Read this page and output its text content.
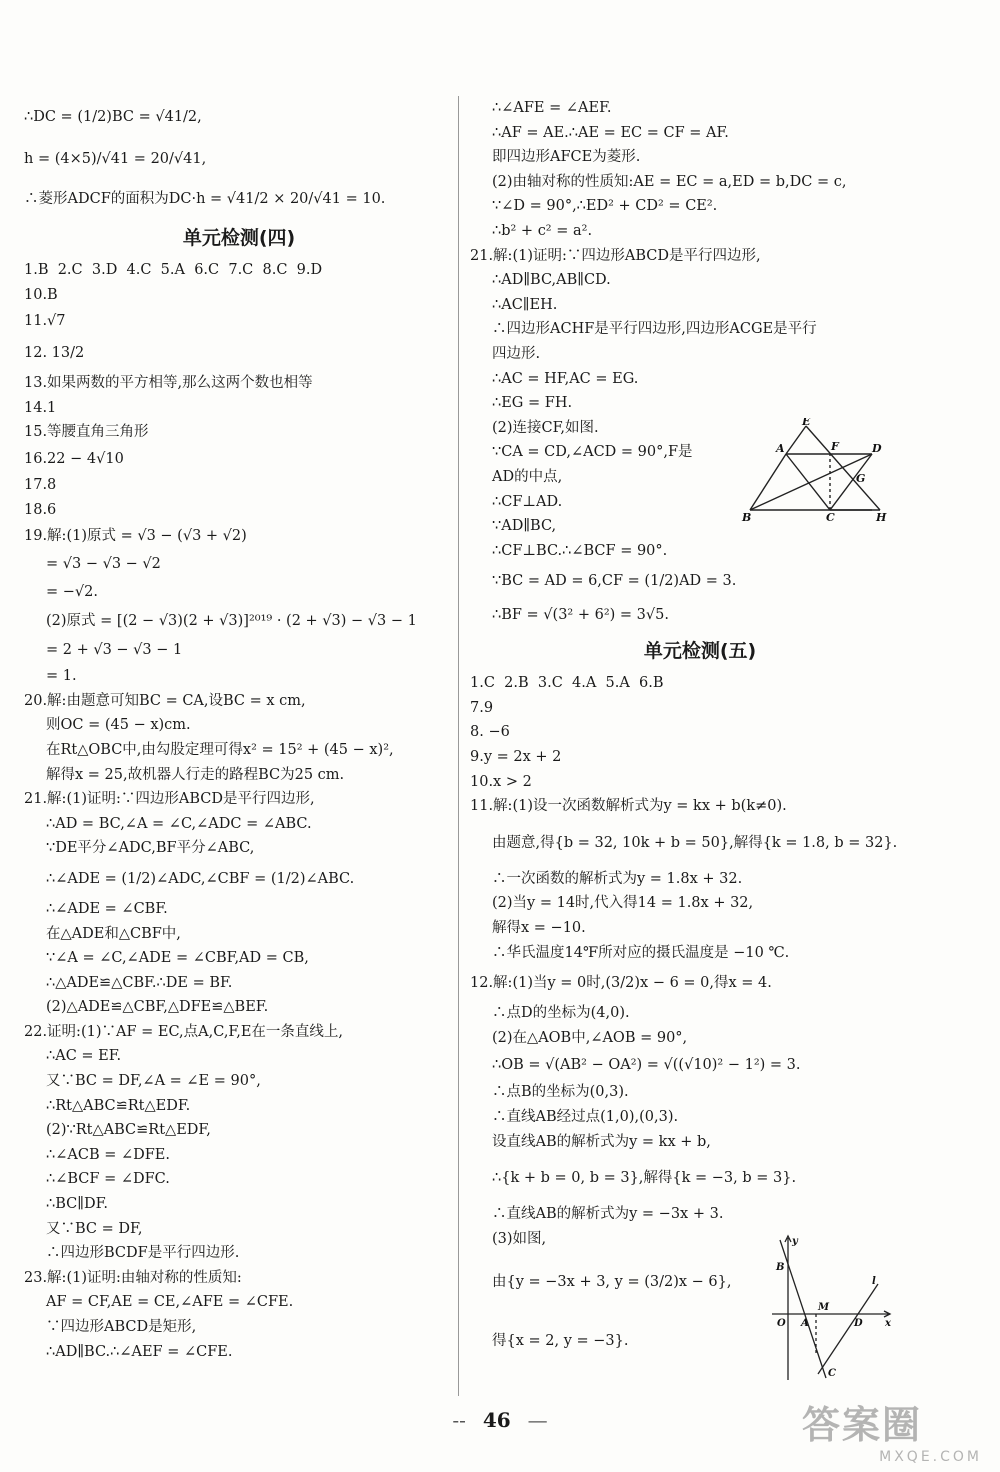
∴DC = (1/2)BC = √41/2,
h = (4×5)/√41 = 20/√41,
∴菱形ADCF的面积为DC·h = √41/2 × 20/√41 = 10.
单元检测(四)
1.B  2.C  3.D  4.C  5.A  6.C  7.C  8.C  9.D
10.B
11.√7
12. 13/2
13.如果两数的平方相等,那么这两个数也相等
14.1
15.等腰直角三角形
16.22 − 4√10
17.8
18.6
19.解:(1)原式 = √3 − (√3 + √2)
= √3 − √3 − √2
= −√2.
(2)原式 = [(2 − √3)(2 + √3)]²⁰¹⁹ · (2 + √3) − √3 − 1
= 2 + √3 − √3 − 1
= 1.
20.解:由题意可知BC = CA,设BC = x cm,
则OC = (45 − x)cm.
在Rt△OBC中,由勾股定理可得x² = 15² + (45 − x)²,
解得x = 25,故机器人行走的路程BC为25 cm.
21.解:(1)证明:∵四边形ABCD是平行四边形,
∴AD = BC,∠A = ∠C,∠ADC = ∠ABC.
∵DE平分∠ADC,BF平分∠ABC,
∴∠ADE = (1/2)∠ADC,∠CBF = (1/2)∠ABC.
∴∠ADE = ∠CBF.
在△ADE和△CBF中,
∵∠A = ∠C,∠ADE = ∠CBF,AD = CB,
∴△ADE≌△CBF.∴DE = BF.
(2)△ADE≌△CBF,△DFE≌△BEF.
22.证明:(1)∵AF = EC,点A,C,F,E在一条直线上,
∴AC = EF.
又∵BC = DF,∠A = ∠E = 90°,
∴Rt△ABC≌Rt△EDF.
(2)∵Rt△ABC≌Rt△EDF,
∴∠ACB = ∠DFE.
∴∠BCF = ∠DFC.
∴BC∥DF.
又∵BC = DF,
∴四边形BCDF是平行四边形.
23.解:(1)证明:由轴对称的性质知:
AF = CF,AE = CE,∠AFE = ∠CFE.
∵四边形ABCD是矩形,
∴AD∥BC.∴∠AEF = ∠CFE.
∴∠AFE = ∠AEF.
∴AF = AE.∴AE = EC = CF = AF.
即四边形AFCE为菱形.
(2)由轴对称的性质知:AE = EC = a,ED = b,DC = c,
∵∠D = 90°,∴ED² + CD² = CE².
∴b² + c² = a².
21.解:(1)证明:∵四边形ABCD是平行四边形,
∴AD∥BC,AB∥CD.
∴AC∥EH.
∴四边形ACHF是平行四边形,四边形ACGE是平行
四边形.
∴AC = HF,AC = EG.
∴EG = FH.
(2)连接CF,如图.
∵CA = CD,∠ACD = 90°,F是
AD的中点,
∴CF⊥AD.
∵AD∥BC,
∴CF⊥BC.∴∠BCF = 90°.
∵BC = AD = 6,CF = (1/2)AD = 3.
∴BF = √(3² + 6²) = 3√5.
单元检测(五)
1.C  2.B  3.C  4.A  5.A  6.B
7.9
8. −6
9.y = 2x + 2
10.x > 2
11.解:(1)设一次函数解析式为y = kx + b(k≠0).
由题意,得{b = 32, 10k + b = 50},解得{k = 1.8, b = 32}.
∴一次函数的解析式为y = 1.8x + 32.
(2)当y = 14时,代入得14 = 1.8x + 32,
解得x = −10.
∴华氏温度14℉所对应的摄氏温度是 −10 ℃.
12.解:(1)当y = 0时,(3/2)x − 6 = 0,得x = 4.
∴点D的坐标为(4,0).
(2)在△AOB中,∠AOB = 90°,
∴OB = √(AB² − OA²) = √((√10)² − 1²) = 3.
∴点B的坐标为(0,3).
∴直线AB经过点(1,0),(0,3).
设直线AB的解析式为y = kx + b,
∴{k + b = 0, b = 3},解得{k = −3, b = 3}.
∴直线AB的解析式为y = −3x + 3.
(3)如图,
由{y = −3x + 3, y = (3/2)x − 6},
得{x = 2, y = −3}.
A
E
F	D
G
B	C	H
y
x
O A
B
M
D
C
l
-- 46 —	答案圈
MXQE.COM
